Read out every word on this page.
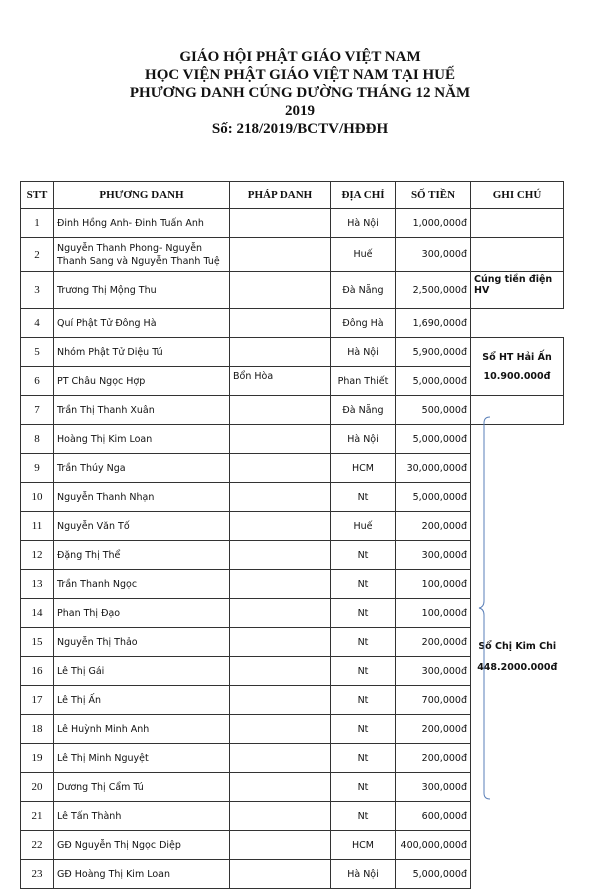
GIÁO HỘI PHẬT GIÁO VIỆT NAM
HỌC VIỆN PHẬT GIÁO VIỆT NAM TẠI HUẾ
PHƯƠNG DANH CÚNG DƯỜNG THÁNG 12 NĂM
2019
Số: 218/2019/BCTV/HĐĐH
STT	PHƯƠNG DANH	PHÁP DANH	ĐỊA CHỈ	SỐ TIỀN	GHI CHÚ
1	Đinh Hồng Anh- Đinh Tuấn Anh		Hà Nội	1,000,000đ	
2	Nguyễn Thanh Phong- Nguyễn Thanh Sang và Nguyễn Thanh Tuệ		Huế	300,000đ	
3	Trương Thị Mộng Thu		Đà Nẵng	2,500,000đ	Cúng tiền điện
HV

4	Quí Phật Tử Đông Hà		Đông Hà	1,690,000đ	
5	Nhóm Phật Tử Diệu Tú		Hà Nội	5,900,000đ	Sổ HT Hải Ấn
10.900.000đ

6	PT Châu Ngọc Hợp	Bổn Hòa	Phan Thiết	5,000,000đ	
7	Trần Thị Thanh Xuân		Đà Nẵng	500,000đ	
8	Hoàng Thị Kim Loan		Hà Nội	5,000,000đ	Sổ Chị Kim Chi
448.2000.000đ

9	Trần Thúy Nga		HCM	30,000,000đ	
10	Nguyễn Thanh Nhạn		Nt	5,000,000đ	
11	Nguyễn Văn Tố		Huế	200,000đ	
12	Đặng Thị Thể		Nt	300,000đ	
13	Trần Thanh Ngọc		Nt	100,000đ	
14	Phan Thị Đạo		Nt	100,000đ	
15	Nguyễn Thị Thảo		Nt	200,000đ	
16	Lê Thị Gái		Nt	300,000đ	
17	Lê Thị Ấn		Nt	700,000đ	
18	Lê Huỳnh Minh Anh		Nt	200,000đ	
19	Lê Thị Minh Nguyệt		Nt	200,000đ	
20	Dương Thị Cẩm Tú		Nt	300,000đ	
21	Lê Tấn Thành		Nt	600,000đ	
22	GĐ Nguyễn Thị Ngọc Diệp		HCM	400,000,000đ	
23	GĐ Hoàng Thị Kim Loan		Hà Nội	5,000,000đ	
